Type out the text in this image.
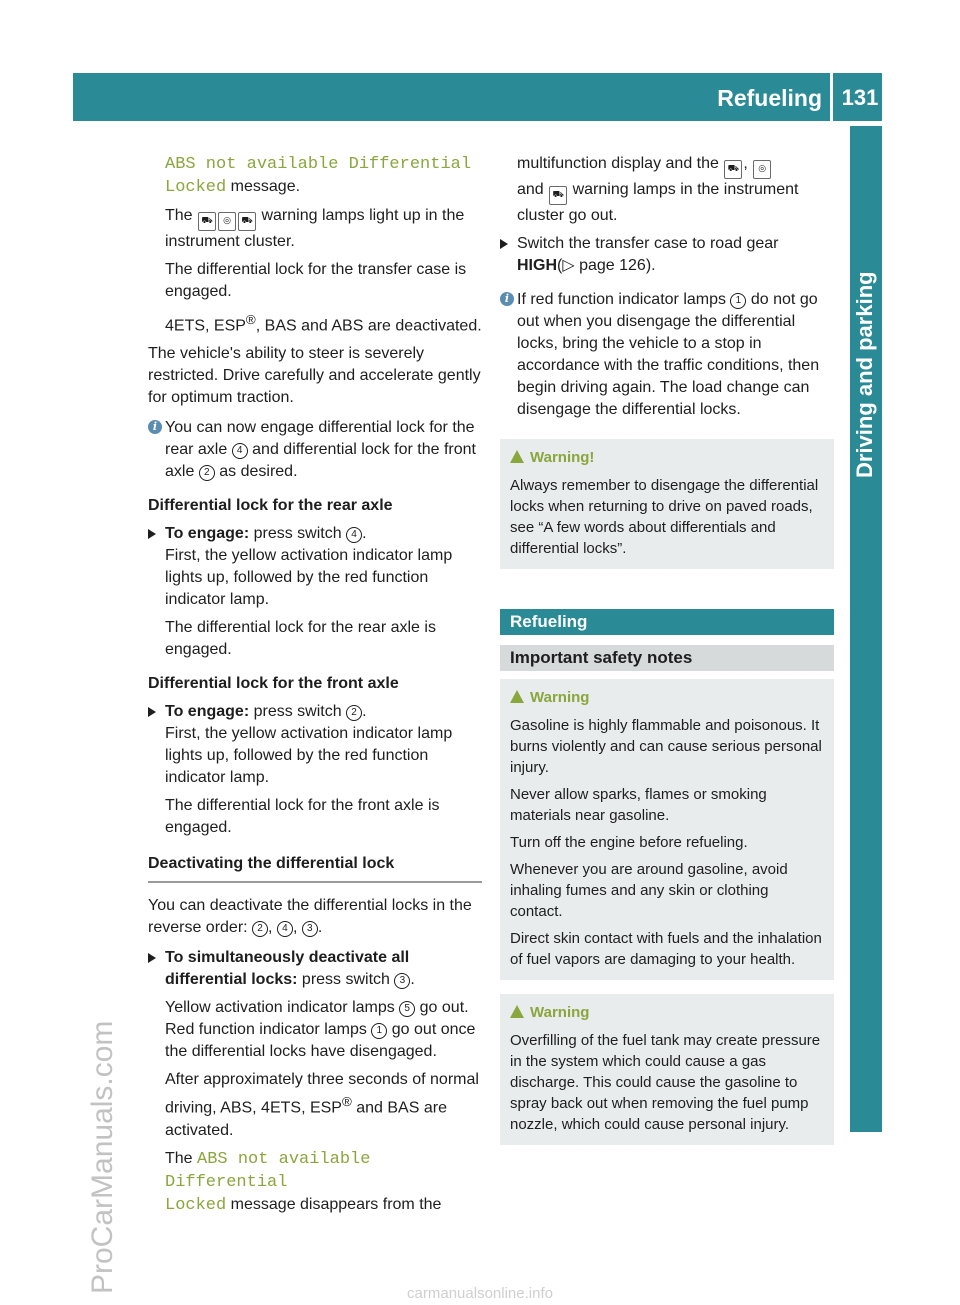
Refueling 131
Driving and parking
ProCarManuals.com

ABS not available Differential
Locked message.

The ⛟ ◎ ⛟ warning lamps light up in the instrument cluster.

The differential lock for the transfer case is engaged.

4ETS, ESP®, BAS and ABS are deactivated.

The vehicle's ability to steer is severely restricted. Drive carefully and accelerate gently for optimum traction.

i You can now engage differential lock for the rear axle 4 and differential lock for the front axle 2 as desired.

Differential lock for the rear axle

To engage: press switch 4 .

First, the yellow activation indicator lamp lights up, followed by the red function indicator lamp.

The differential lock for the rear axle is engaged.

Differential lock for the front axle

To engage: press switch 2 .

First, the yellow activation indicator lamp lights up, followed by the red function indicator lamp.

The differential lock for the front axle is engaged.

Deactivating the differential lock

You can deactivate the differential locks in the reverse order: 2 , 4 , 3 .

To simultaneously deactivate all differential locks: press switch 3 .

Yellow activation indicator lamps 5 go out. Red function indicator lamps 1 go out once the differential locks have disengaged.

After approximately three seconds of normal driving, ABS, 4ETS, ESP® and BAS are activated.

The ABS not available Differential
Locked message disappears from the

multifunction display and the ⛟ , ◎
and ⛟ warning lamps in the instrument cluster go out.

Switch the transfer case to road gear HIGH(▷ page 126).

i If red function indicator lamps 1 do not go out when you disengage the differential locks, bring the vehicle to a stop in accordance with the traffic conditions, then begin driving again. The load change can disengage the differential locks.

Warning!

Always remember to disengage the differential locks when returning to drive on paved roads, see “A few words about differentials and differential locks”.

Refueling
Important safety notes

Warning

Gasoline is highly flammable and poisonous. It burns violently and can cause serious personal injury.

Never allow sparks, flames or smoking materials near gasoline.

Turn off the engine before refueling.

Whenever you are around gasoline, avoid inhaling fumes and any skin or clothing contact.

Direct skin contact with fuels and the inhalation of fuel vapors are damaging to your health.

Warning

Overfilling of the fuel tank may create pressure in the system which could cause a gas discharge. This could cause the gasoline to spray back out when removing the fuel pump nozzle, which could cause personal injury.

carmanualsonline.info
